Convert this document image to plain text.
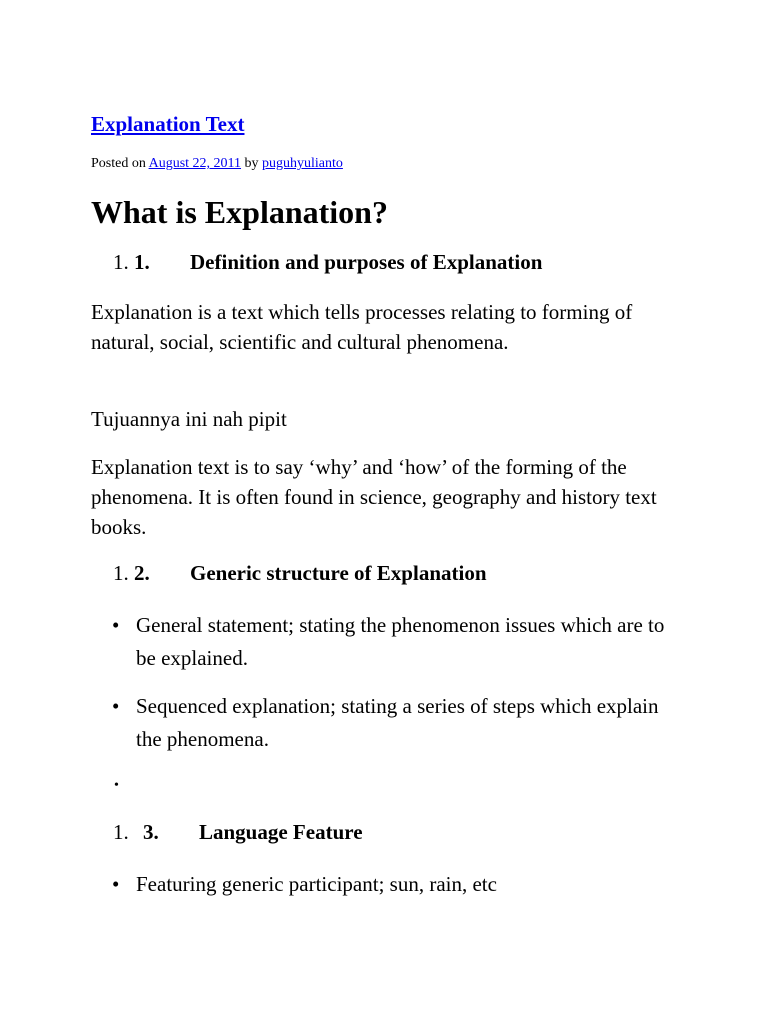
Explanation Text
Posted on August 22, 2011 by puguhyulianto
What is Explanation?
1. 1. Definition and purposes of Explanation
Explanation is a text which tells processes relating to forming of natural, social, scientific and cultural phenomena.
Tujuannya ini nah pipit
Explanation text is to say ‘why’ and ‘how’ of the forming of the phenomena. It is often found in science, geography and history text books.
1. 2. Generic structure of Explanation
• General statement; stating the phenomenon issues which are to be explained.
• Sequenced explanation; stating a series of steps which explain the phenomena.
•
1. 3. Language Feature
• Featuring generic participant; sun, rain, etc
